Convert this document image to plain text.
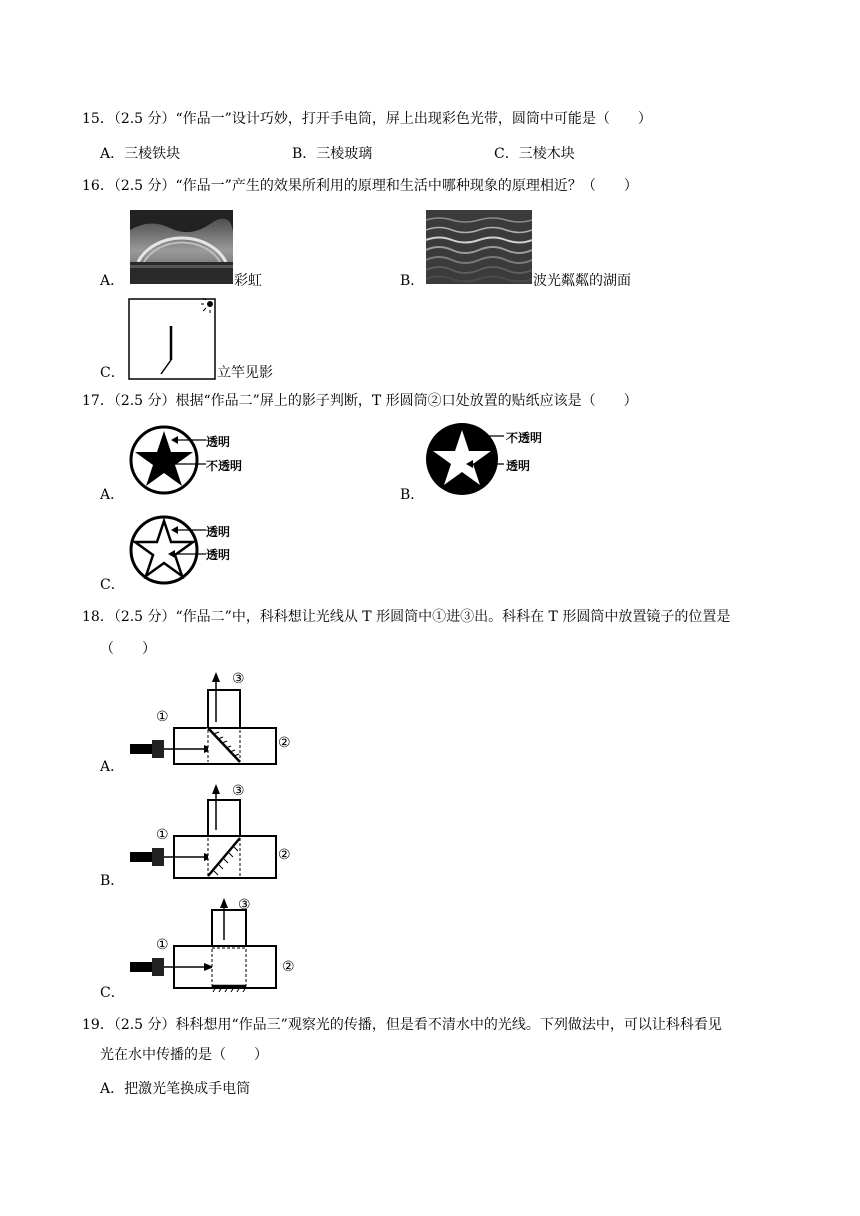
15．（2.5 分）“作品一”设计巧妙，打开手电筒，屏上出现彩色光带，圆筒中可能是（　　）
A．三棱铁块	B．三棱玻璃	C．三棱木块
16．（2.5 分）“作品一”产生的效果所利用的原理和生活中哪种现象的原理相近？（　　）
A．	彩虹	B．	波光粼粼的湖面
C．	立竿见影
17．（2.5 分）根据“作品二”屏上的影子判断，T 形圆筒②口处放置的贴纸应该是（　　）
A．
透明
不透明
B．
不透明
透明
C．
透明
透明
18．（2.5 分）“作品二”中，科科想让光线从 T 形圆筒中①进③出。科科在 T 形圆筒中放置镜子的位置是
（　　）
A．
①
②
③
B．
①
②
③
C．
①
②
③
19．（2.5 分）科科想用“作品三”观察光的传播，但是看不清水中的光线。下列做法中，可以让科科看见
光在水中传播的是（　　）
A．把激光笔换成手电筒
